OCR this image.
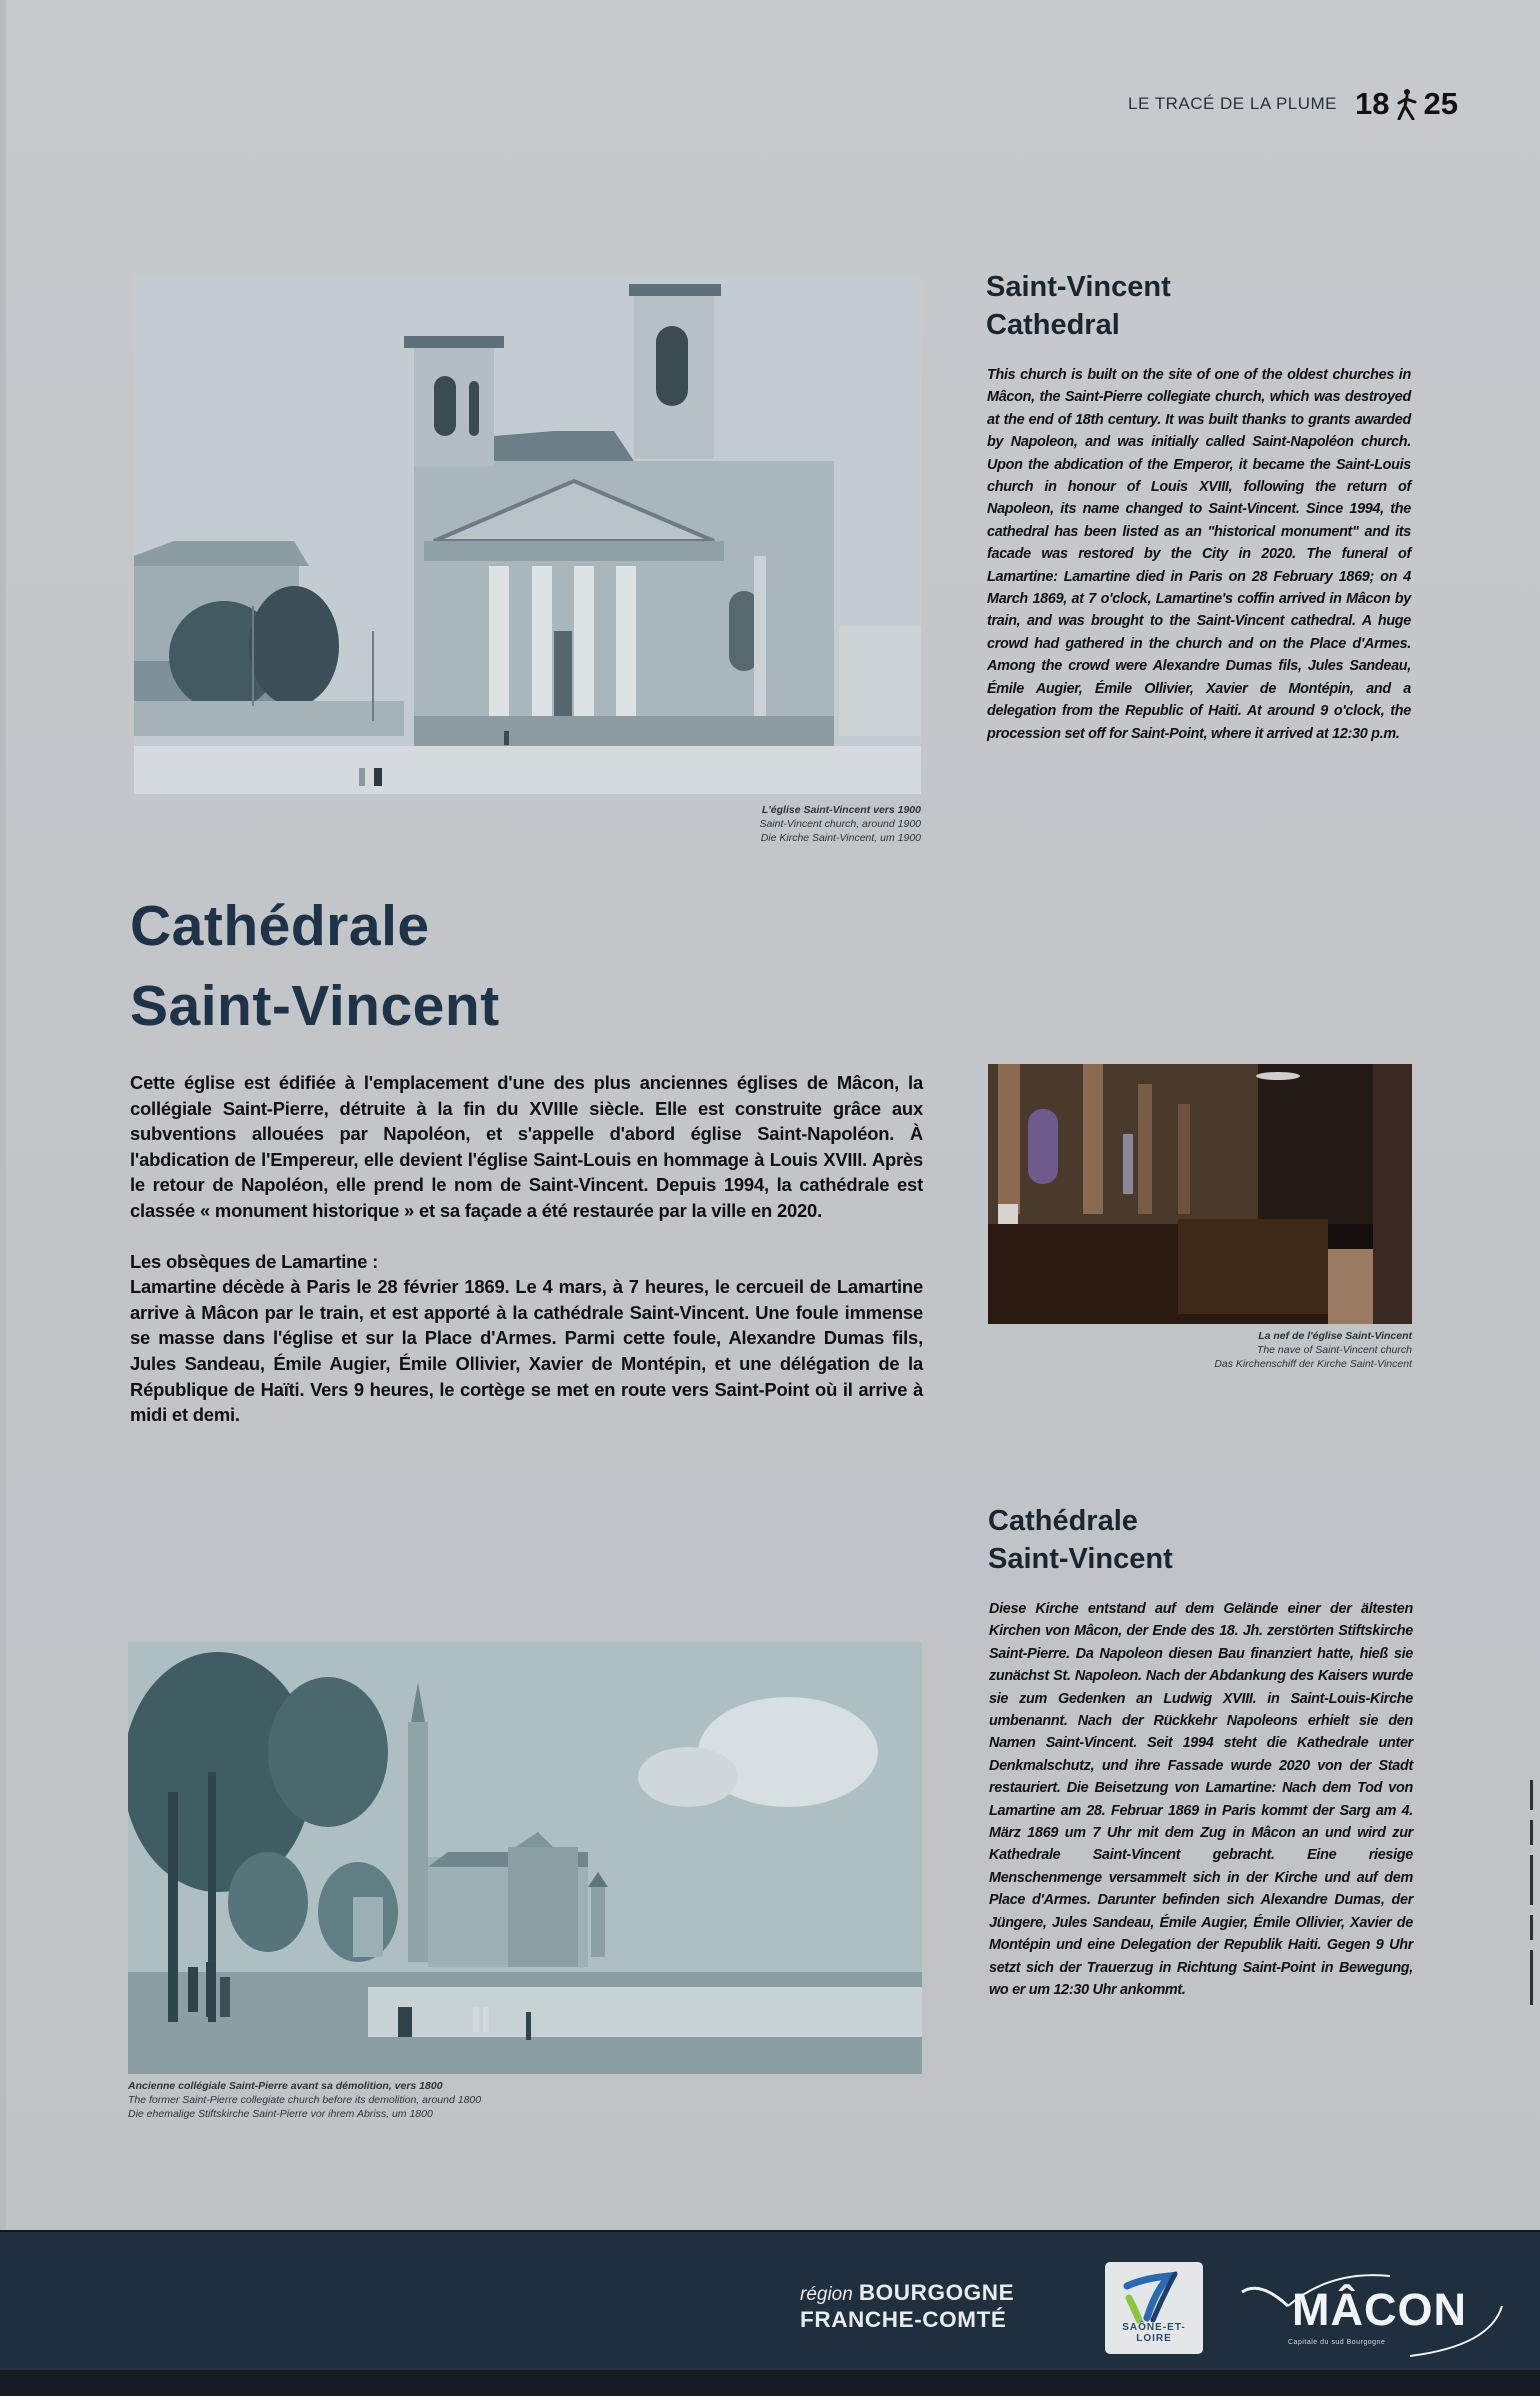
LE TRACÉ DE LA PLUME 18 25
L'église Saint-Vincent vers 1900
Saint-Vincent church, around 1900
Die Kirche Saint-Vincent, um 1900
Saint-Vincent
Cathedral
This church is built on the site of one of the oldest churches in Mâcon, the Saint-Pierre collegiate church, which was destroyed at the end of 18th century. It was built thanks to grants awarded by Napoleon, and was initially called Saint-Napoléon church. Upon the abdication of the Emperor, it became the Saint-Louis church in honour of Louis XVIII, following the return of Napoleon, its name changed to Saint-Vincent. Since 1994, the cathedral has been listed as an "historical monument" and its facade was restored by the City in 2020. The funeral of Lamartine: Lamartine died in Paris on 28 February 1869; on 4 March 1869, at 7 o'clock, Lamartine's coffin arrived in Mâcon by train, and was brought to the Saint-Vincent cathedral. A huge crowd had gathered in the church and on the Place d'Armes. Among the crowd were Alexandre Dumas fils, Jules Sandeau, Émile Augier, Émile Ollivier, Xavier de Montépin, and a delegation from the Republic of Haiti. At around 9 o'clock, the procession set off for Saint-Point, where it arrived at 12:30 p.m.
Cathédrale
Saint-Vincent

Cette église est édifiée à l'emplacement d'une des plus anciennes églises de Mâcon, la collégiale Saint-Pierre, détruite à la fin du XVIIIe siècle. Elle est construite grâce aux subventions allouées par Napoléon, et s'appelle d'abord église Saint-Napoléon. À l'abdication de l'Empereur, elle devient l'église Saint-Louis en hommage à Louis XVIII. Après le retour de Napoléon, elle prend le nom de Saint-Vincent. Depuis 1994, la cathédrale est classée « monument historique » et sa façade a été restaurée par la ville en 2020.

Les obsèques de Lamartine :
Lamartine décède à Paris le 28 février 1869. Le 4 mars, à 7 heures, le cercueil de Lamartine arrive à Mâcon par le train, et est apporté à la cathédrale Saint-Vincent. Une foule immense se masse dans l'église et sur la Place d'Armes. Parmi cette foule, Alexandre Dumas fils, Jules Sandeau, Émile Augier, Émile Ollivier, Xavier de Montépin, et une délégation de la République de Haïti. Vers 9 heures, le cortège se met en route vers Saint-Point où il arrive à midi et demi.

La nef de l'église Saint-Vincent
The nave of Saint-Vincent church
Das Kirchenschiff der Kirche Saint-Vincent
Cathédrale
Saint-Vincent
Diese Kirche entstand auf dem Gelände einer der ältesten Kirchen von Mâcon, der Ende des 18. Jh. zerstörten Stiftskirche Saint-Pierre. Da Napoleon diesen Bau finanziert hatte, hieß sie zunächst St. Napoleon. Nach der Abdankung des Kaisers wurde sie zum Gedenken an Ludwig XVIII. in Saint-Louis-Kirche umbenannt. Nach der Rückkehr Napoleons erhielt sie den Namen Saint-Vincent. Seit 1994 steht die Kathedrale unter Denkmalschutz, und ihre Fassade wurde 2020 von der Stadt restauriert. Die Beisetzung von Lamartine: Nach dem Tod von Lamartine am 28. Februar 1869 in Paris kommt der Sarg am 4. März 1869 um 7 Uhr mit dem Zug in Mâcon an und wird zur Kathedrale Saint-Vincent gebracht. Eine riesige Menschenmenge versammelt sich in der Kirche und auf dem Place d'Armes. Darunter befinden sich Alexandre Dumas, der Jüngere, Jules Sandeau, Émile Augier, Émile Ollivier, Xavier de Montépin und eine Delegation der Republik Haiti. Gegen 9 Uhr setzt sich der Trauerzug in Richtung Saint-Point in Bewegung, wo er um 12:30 Uhr ankommt.
Ancienne collégiale Saint-Pierre avant sa démolition, vers 1800
The former Saint-Pierre collegiate church before its demolition, around 1800
Die ehemalige Stiftskirche Saint-Pierre vor ihrem Abriss, um 1800
région BOURGOGNE
FRANCHE-COMTÉ	SAÔNE-ET-LOIRE
MÂCON
Capitale du sud Bourgogne
